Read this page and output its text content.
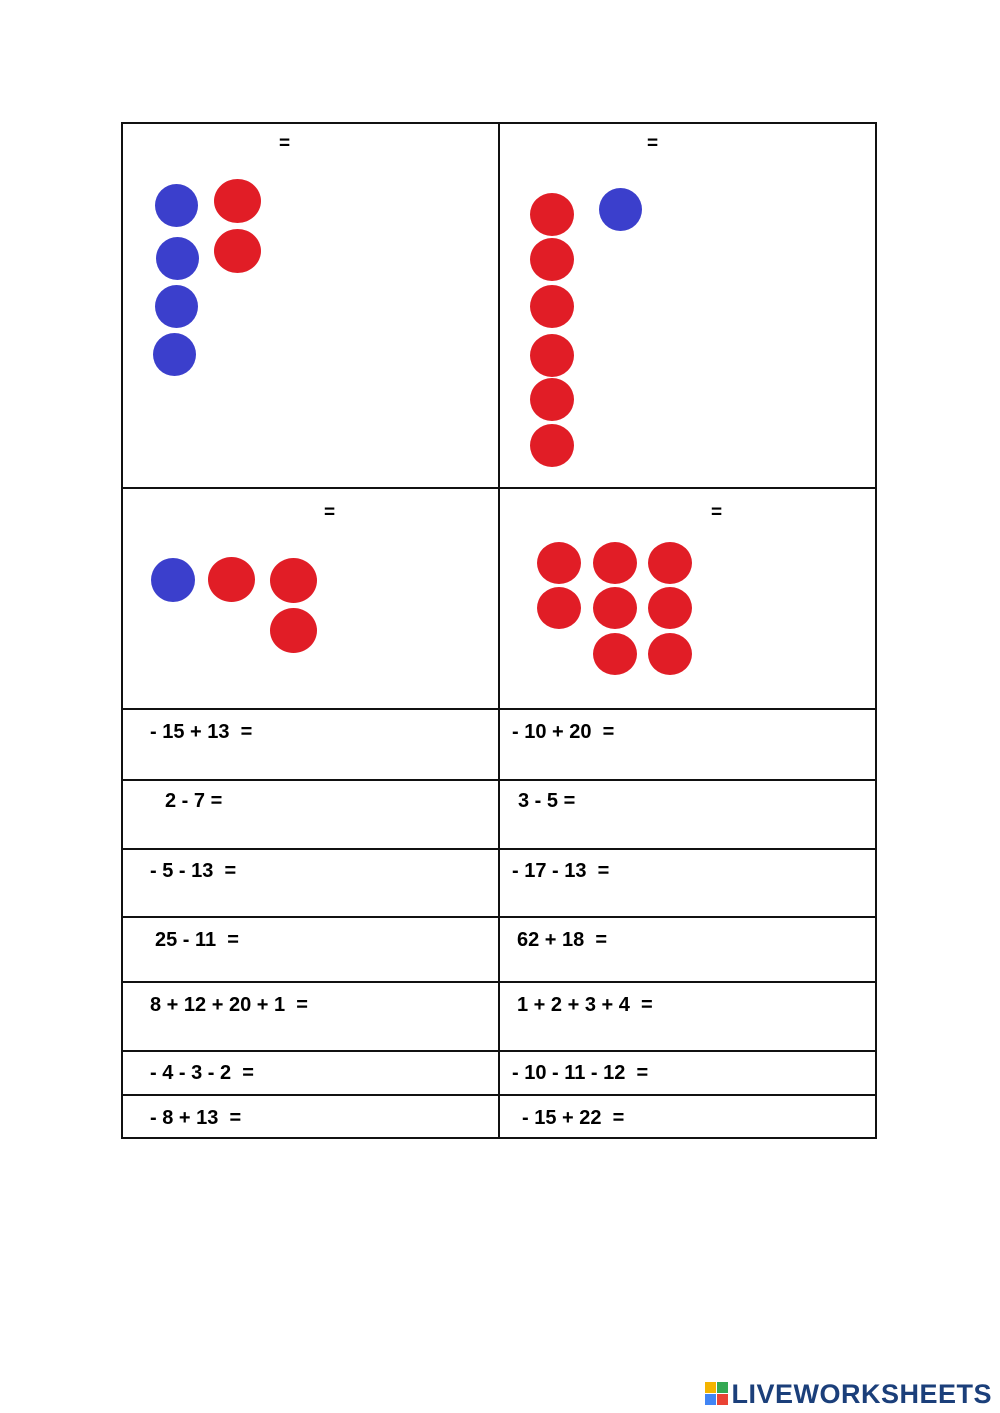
=	=
=	=
- 15 + 13  =
2 - 7 =
- 5 - 13  =
25 - 11  =
8 + 12 + 20 + 1  =
- 4 - 3 - 2  =
- 8 + 13  =
- 10 + 20  =
3 - 5 =
- 17 - 13  =
62 + 18  =
1 + 2 + 3 + 4  =
- 10 - 11 - 12  =
- 15 + 22  =
LIVEWORKSHEETS
